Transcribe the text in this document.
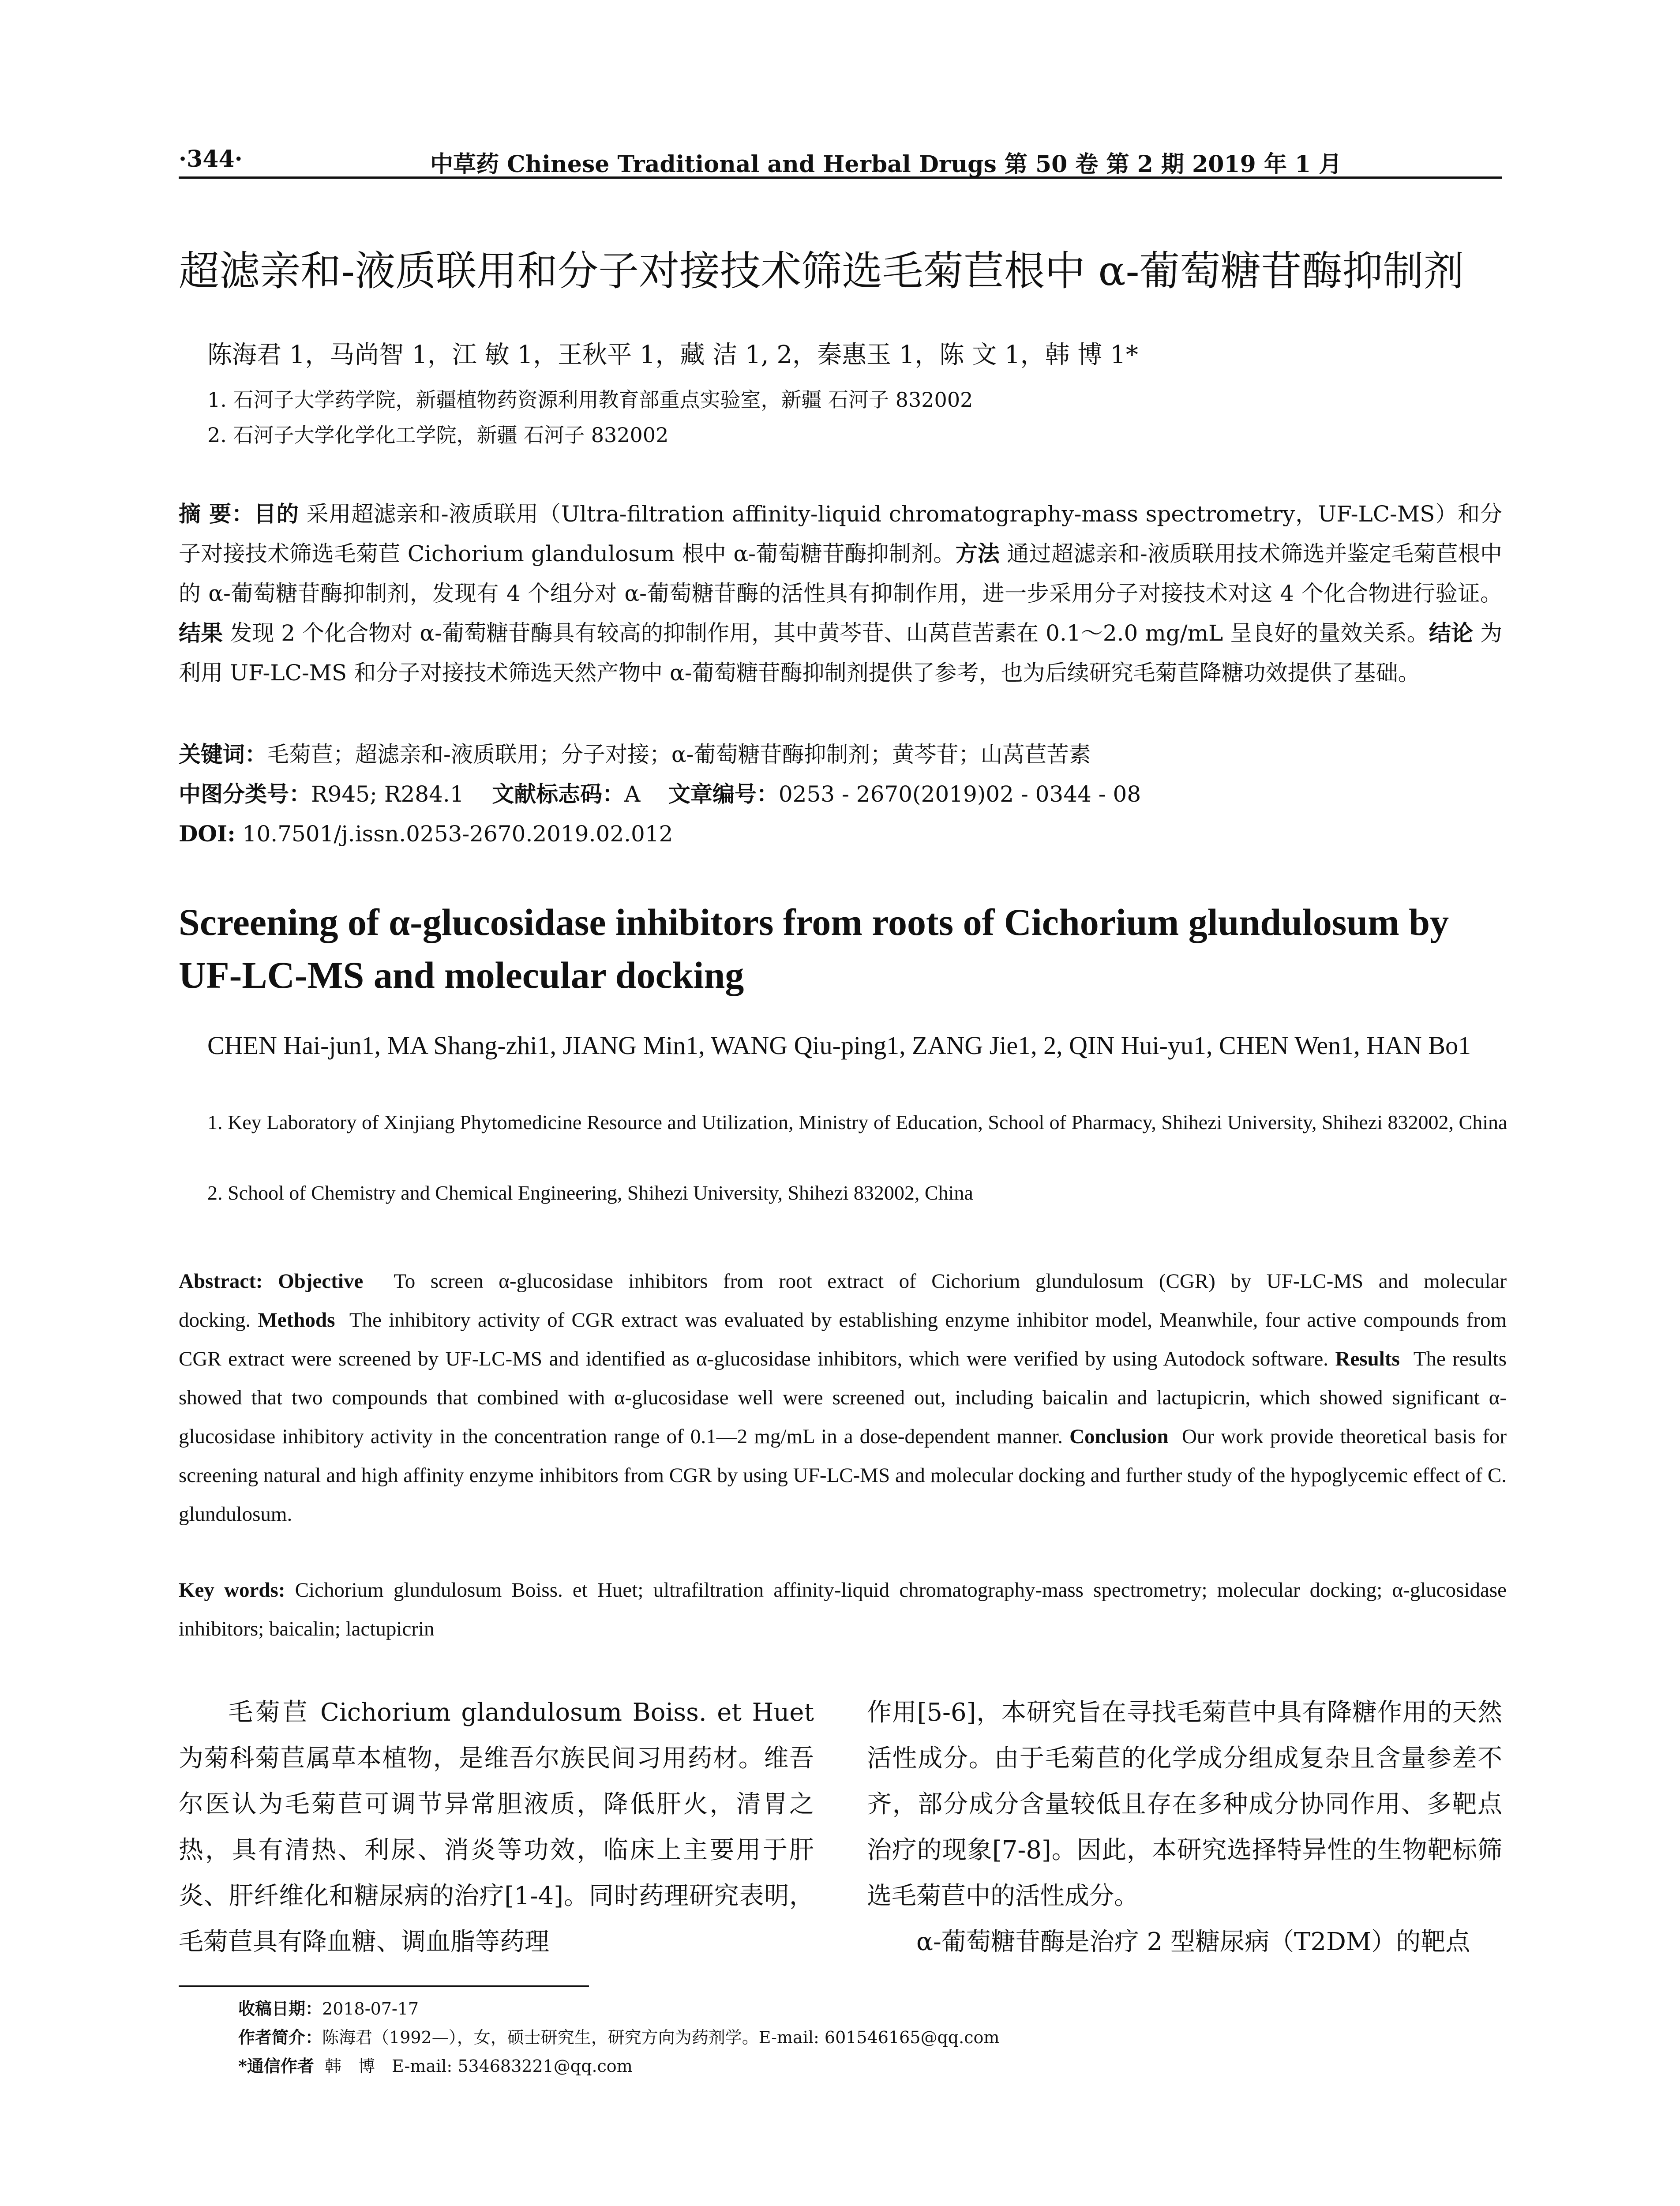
·344·	中草药 Chinese Traditional and Herbal Drugs 第 50 卷 第 2 期 2019 年 1 月
超滤亲和-液质联用和分子对接技术筛选毛菊苣根中 α-葡萄糖苷酶抑制剂
陈海君 1，马尚智 1，江 敏 1，王秋平 1，藏 洁 1, 2，秦惠玉 1，陈 文 1，韩 博 1*
1. 石河子大学药学院，新疆植物药资源利用教育部重点实验室，新疆 石河子 832002
2. 石河子大学化学化工学院，新疆 石河子 832002
摘 要：目的 采用超滤亲和-液质联用（Ultra-filtration affinity-liquid chromatography-mass spectrometry，UF-LC-MS）和分子对接技术筛选毛菊苣 Cichorium glandulosum 根中 α-葡萄糖苷酶抑制剂。方法 通过超滤亲和-液质联用技术筛选并鉴定毛菊苣根中的 α-葡萄糖苷酶抑制剂，发现有 4 个组分对 α-葡萄糖苷酶的活性具有抑制作用，进一步采用分子对接技术对这 4 个化合物进行验证。结果 发现 2 个化合物对 α-葡萄糖苷酶具有较高的抑制作用，其中黄芩苷、山莴苣苦素在 0.1～2.0 mg/mL 呈良好的量效关系。结论 为利用 UF-LC-MS 和分子对接技术筛选天然产物中 α-葡萄糖苷酶抑制剂提供了参考，也为后续研究毛菊苣降糖功效提供了基础。
关键词：毛菊苣；超滤亲和-液质联用；分子对接；α-葡萄糖苷酶抑制剂；黄芩苷；山莴苣苦素
中图分类号：R945; R284.1 文献标志码：A 文章编号：0253 - 2670(2019)02 - 0344 - 08
DOI: 10.7501/j.issn.0253-2670.2019.02.012
Screening of α-glucosidase inhibitors from roots of Cichorium glundulosum by UF-LC-MS and molecular docking
CHEN Hai-jun1, MA Shang-zhi1, JIANG Min1, WANG Qiu-ping1, ZANG Jie1, 2, QIN Hui-yu1, CHEN Wen1, HAN Bo1
1. Key Laboratory of Xinjiang Phytomedicine Resource and Utilization, Ministry of Education, School of Pharmacy, Shihezi University, Shihezi 832002, China
2. School of Chemistry and Chemical Engineering, Shihezi University, Shihezi 832002, China
Abstract: Objective To screen α-glucosidase inhibitors from root extract of Cichorium glundulosum (CGR) by UF-LC-MS and molecular docking. Methods The inhibitory activity of CGR extract was evaluated by establishing enzyme inhibitor model, Meanwhile, four active compounds from CGR extract were screened by UF-LC-MS and identified as α-glucosidase inhibitors, which were verified by using Autodock software. Results The results showed that two compounds that combined with α-glucosidase well were screened out, including baicalin and lactupicrin, which showed significant α-glucosidase inhibitory activity in the concentration range of 0.1—2 mg/mL in a dose-dependent manner. Conclusion Our work provide theoretical basis for screening natural and high affinity enzyme inhibitors from CGR by using UF-LC-MS and molecular docking and further study of the hypoglycemic effect of C. glundulosum.
Key words: Cichorium glundulosum Boiss. et Huet; ultrafiltration affinity-liquid chromatography-mass spectrometry; molecular docking; α-glucosidase inhibitors; baicalin; lactupicrin

毛菊苣 Cichorium glandulosum Boiss. et Huet 为菊科菊苣属草本植物，是维吾尔族民间习用药材。维吾尔医认为毛菊苣可调节异常胆液质，降低肝火，清胃之热，具有清热、利尿、消炎等功效，临床上主要用于肝炎、肝纤维化和糖尿病的治疗[1-4]。同时药理研究表明，毛菊苣具有降血糖、调血脂等药理

作用[5-6]，本研究旨在寻找毛菊苣中具有降糖作用的天然活性成分。由于毛菊苣的化学成分组成复杂且含量参差不齐，部分成分含量较低且存在多种成分协同作用、多靶点治疗的现象[7-8]。因此，本研究选择特异性的生物靶标筛选毛菊苣中的活性成分。

α-葡萄糖苷酶是治疗 2 型糖尿病（T2DM）的靶点

收稿日期：2018-07-17
作者简介：陈海君（1992—），女，硕士研究生，研究方向为药剂学。E-mail: 601546165@qq.com
*通信作者 韩　博　E-mail: 534683221@qq.com
